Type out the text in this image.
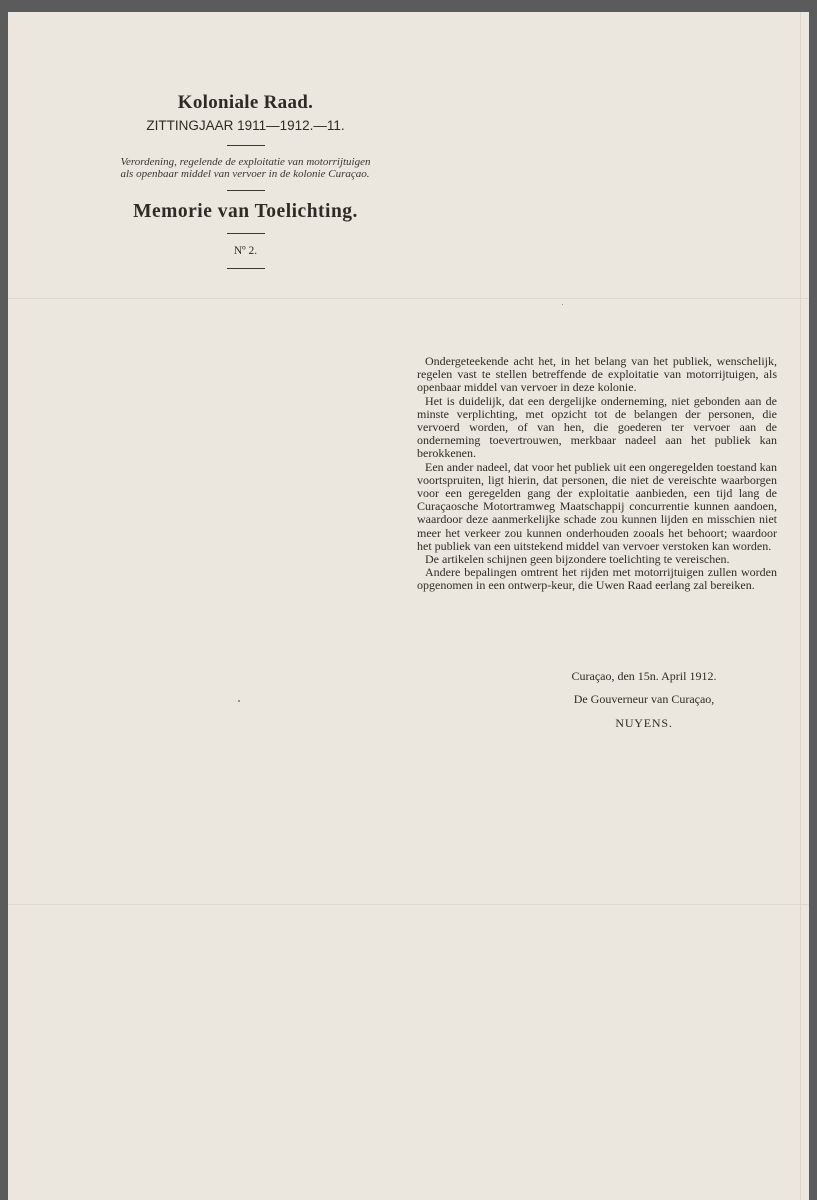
Koloniale Raad.
ZITTINGJAAR 1911—1912.—11.
Verordening, regelende de exploitatie van motorrijtuigen als openbaar middel van vervoer in de kolonie Curaçao.
Memorie van Toelichting.
Nº 2.

Ondergeteekende acht het, in het belang van het publiek, wenschelijk, regelen vast te stellen betreffende de exploitatie van motorrijtuigen, als openbaar middel van vervoer in deze kolonie.

Het is duidelijk, dat een dergelijke onderneming, niet gebonden aan de minste verplichting, met opzicht tot de belangen der personen, die vervoerd worden, of van hen, die goederen ter vervoer aan de onderneming toevertrouwen, merkbaar nadeel aan het publiek kan berokkenen.

Een ander nadeel, dat voor het publiek uit een ongeregelden toestand kan voortspruiten, ligt hierin, dat personen, die niet de vereischte waarborgen voor een geregelden gang der exploitatie aanbieden, een tijd lang de Curaçaosche Motortramweg Maatschappij concurrentie kunnen aandoen, waardoor deze aanmerkelijke schade zou kunnen lijden en misschien niet meer het verkeer zou kunnen onderhouden zooals het behoort; waardoor het publiek van een uitstekend middel van vervoer verstoken kan worden.

De artikelen schijnen geen bijzondere toelichting te vereischen.

Andere bepalingen omtrent het rijden met motorrijtuigen zullen worden opgenomen in een ontwerp-keur, die Uwen Raad eerlang zal bereiken.

Curaçao, den 15n. April 1912.
De Gouverneur van Curaçao,
NUYENS.
